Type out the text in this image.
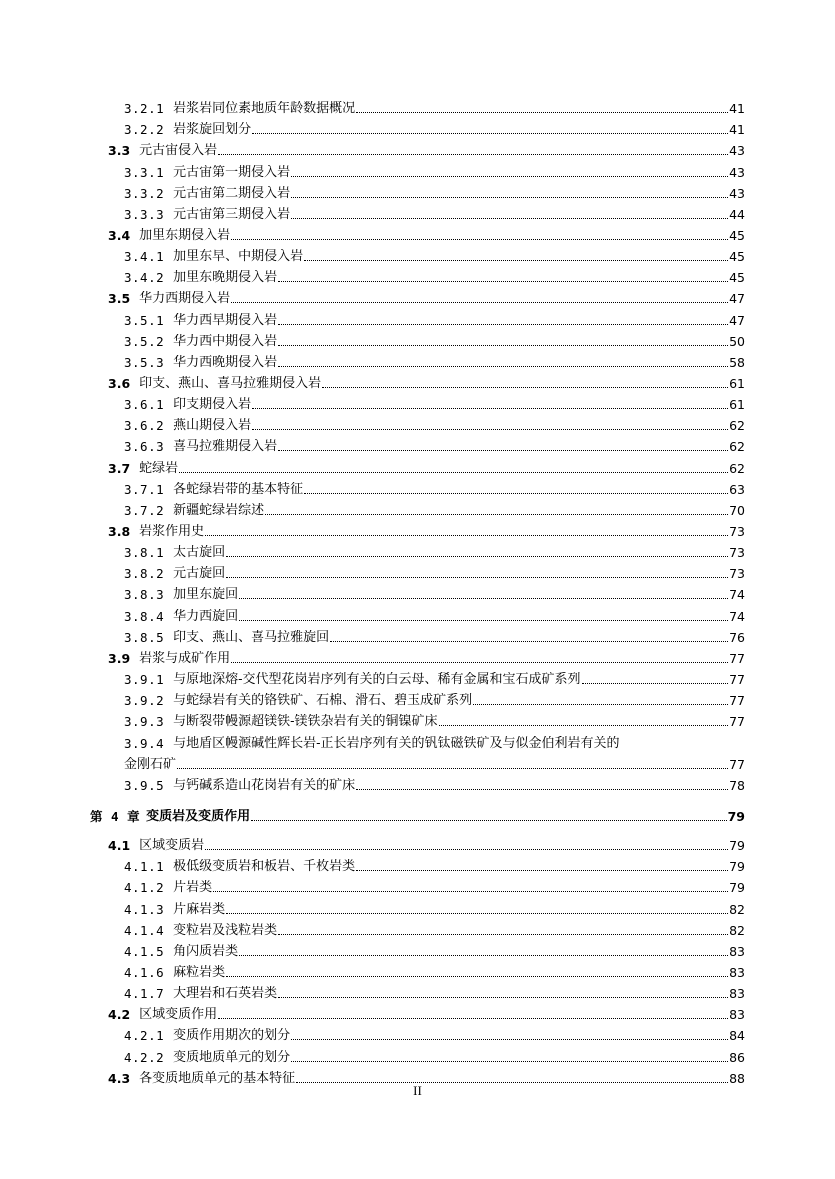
3.2.1 岩浆岩同位素地质年龄数据概况	41
3.2.2 岩浆旋回划分	41
3.3 元古宙侵入岩	43
3.3.1 元古宙第一期侵入岩	43
3.3.2 元古宙第二期侵入岩	43
3.3.3 元古宙第三期侵入岩	44
3.4 加里东期侵入岩	45
3.4.1 加里东早、中期侵入岩	45
3.4.2 加里东晚期侵入岩	45
3.5 华力西期侵入岩	47
3.5.1 华力西早期侵入岩	47
3.5.2 华力西中期侵入岩	50
3.5.3 华力西晚期侵入岩	58
3.6 印支、燕山、喜马拉雅期侵入岩	61
3.6.1 印支期侵入岩	61
3.6.2 燕山期侵入岩	62
3.6.3 喜马拉雅期侵入岩	62
3.7 蛇绿岩	62
3.7.1 各蛇绿岩带的基本特征	63
3.7.2 新疆蛇绿岩综述	70
3.8 岩浆作用史	73
3.8.1 太古旋回	73
3.8.2 元古旋回	73
3.8.3 加里东旋回	74
3.8.4 华力西旋回	74
3.8.5 印支、燕山、喜马拉雅旋回	76
3.9 岩浆与成矿作用	77
3.9.1 与原地深熔-交代型花岗岩序列有关的白云母、稀有金属和宝石成矿系列	77
3.9.2 与蛇绿岩有关的铬铁矿、石棉、滑石、碧玉成矿系列	77
3.9.3 与断裂带幔源超镁铁-镁铁杂岩有关的铜镍矿床	77
3.9.4 与地盾区幔源碱性辉长岩-正长岩序列有关的钒钛磁铁矿及与似金伯利岩有关的
金刚石矿	77
3.9.5 与钙碱系造山花岗岩有关的矿床	78
第 4 章 变质岩及变质作用	79
4.1 区域变质岩	79
4.1.1 极低级变质岩和板岩、千枚岩类	79
4.1.2 片岩类	79
4.1.3 片麻岩类	82
4.1.4 变粒岩及浅粒岩类	82
4.1.5 角闪质岩类	83
4.1.6 麻粒岩类	83
4.1.7 大理岩和石英岩类	83
4.2 区域变质作用	83
4.2.1 变质作用期次的划分	84
4.2.2 变质地质单元的划分	86
4.3 各变质地质单元的基本特征	88
II
